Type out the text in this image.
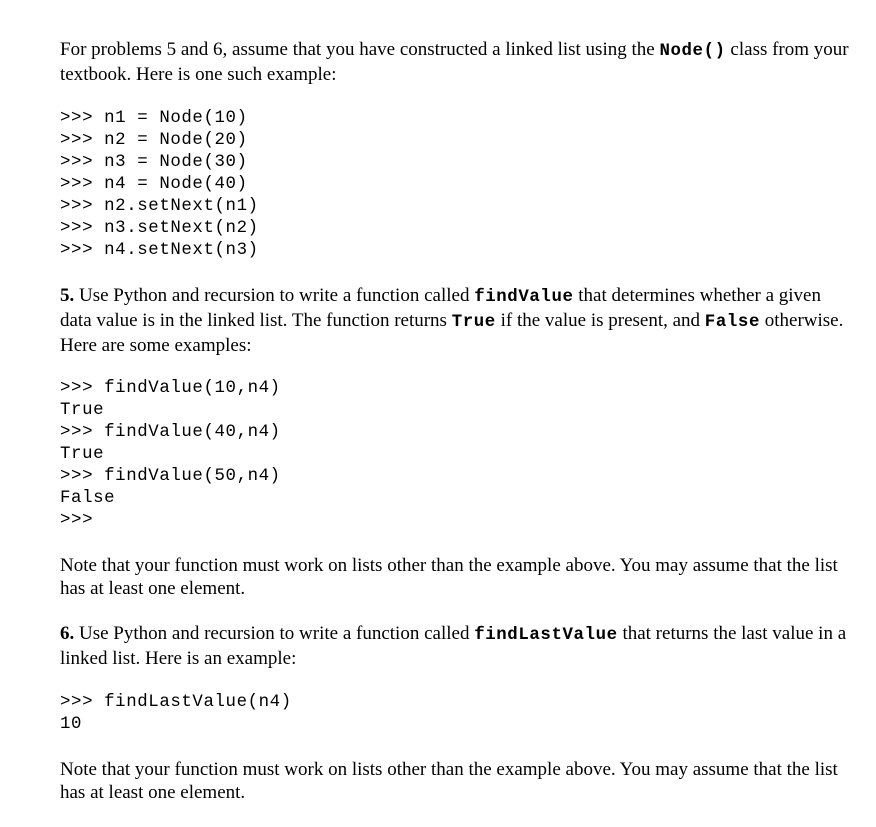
For problems 5 and 6, assume that you have constructed a linked list using the Node() class from your textbook. Here is one such example:

>>> n1 = Node(10)
>>> n2 = Node(20)
>>> n3 = Node(30)
>>> n4 = Node(40)
>>> n2.setNext(n1)
>>> n3.setNext(n2)
>>> n4.setNext(n3)

5. Use Python and recursion to write a function called findValue that determines whether a given data value is in the linked list. The function returns True if the value is present, and False otherwise. Here are some examples:

>>> findValue(10,n4)
True
>>> findValue(40,n4)
True
>>> findValue(50,n4)
False
>>>

Note that your function must work on lists other than the example above. You may assume that the list has at least one element.

6. Use Python and recursion to write a function called findLastValue that returns the last value in a linked list. Here is an example:

>>> findLastValue(n4)
10

Note that your function must work on lists other than the example above. You may assume that the list has at least one element.
